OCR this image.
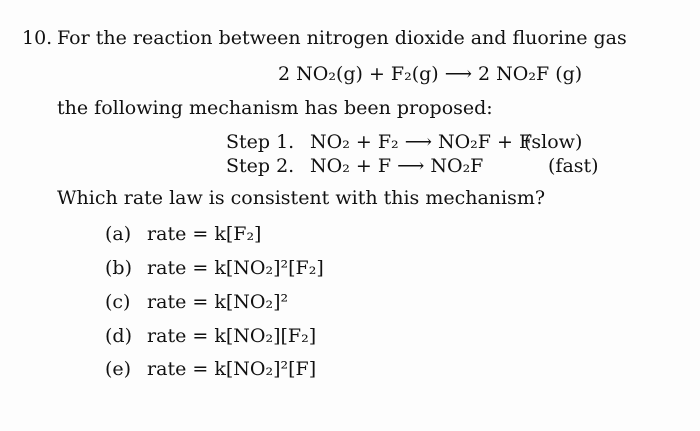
10. For the reaction between nitrogen dioxide and fluorine gas
2 NO₂(g) + F₂(g) ⟶ 2 NO₂F (g)
the following mechanism has been proposed:
Step 1. NO₂ + F₂ ⟶ NO₂F + F
(slow)
Step 2. NO₂ + F ⟶ NO₂F	(fast)
Which rate law is consistent with this mechanism?
(a) rate = k[F₂]
(b) rate = k[NO₂]²[F₂]
(c) rate = k[NO₂]²
(d) rate = k[NO₂][F₂]
(e) rate = k[NO₂]²[F]
